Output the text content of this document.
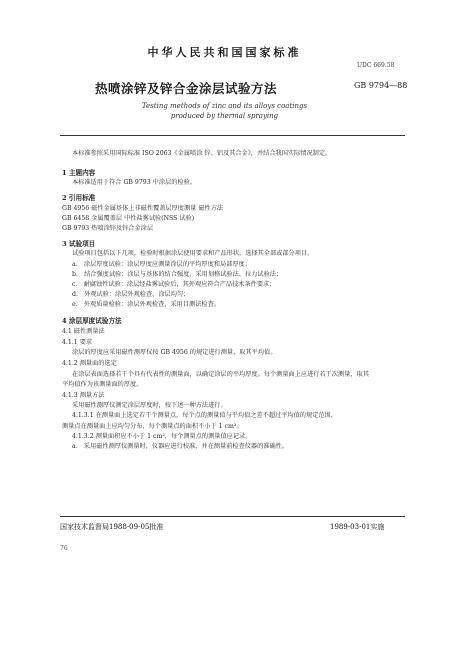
中华人民共和国国家标准
UDC 669.58
热喷涂锌及锌合金涂层试验方法	GB 9794—88
Testing methods of zinc and its alloys coatings
produced by thermal spraying
本标准参照采用国际标准 ISO 2063《金属喷涂 锌、铝及其合金》，并结合我国实际情况制定。
1 主题内容
本标准适用于符合 GB 9793 中涂层的检验。
2 引用标准
GB 4956 磁性金属基体上非磁性覆盖层厚度测量 磁性方法
GB 6458 金属覆盖层 中性盐雾试验(NSS 试验)
GB 9793 热喷涂锌及锌合金涂层
3 试验项目
试验项目包括以下几项，检验时根据涂层使用要求和产品形状，选择其全部或部分项目。
a． 涂层厚度试验：涂层厚度应测量涂层的平均厚度和局部厚度；
b． 结合强度试验：涂层与基体的结合强度，采用划格试验法、拉力试验法；
c． 耐腐蚀性试验：涂层经盐雾试验后，其外观应符合产品技术条件要求；
d． 外观试验：涂层外观检查，涂层均匀；
e． 外观质量检验：涂层外观检查，采用目测法检查。
4 涂层厚度试验方法
4.1 磁性测量法
4.1.1 要求
涂层的厚度应采用磁性测厚仪按 GB 4956 的规定进行测量，取其平均值。
4.1.2 测量面的选定
在涂层表面选择若干个具有代表性的测量面，以确定涂层的平均厚度。每个测量面上应进行若干次测量，取其
平均值作为该测量面的厚度。
4.1.3 测量方法
采用磁性测厚仪测定涂层厚度时，按下述一种方法进行。
4.1.3.1 在测量面上选定若干个测量点，每个点的测量值与平均值之差不超过平均值的规定范围，
测量点在测量面上应均匀分布，每个测量点的面积不小于 1 cm²。
4.1.3.2 测量面积应不小于 1 cm²，每个测量点的测量值应记录。
a． 采用磁性测厚仪测量时，仪器应进行校准，并在测量前检查仪器的准确性。
国家技术监督局1988-09-05批准	1989-03-01实施
76
